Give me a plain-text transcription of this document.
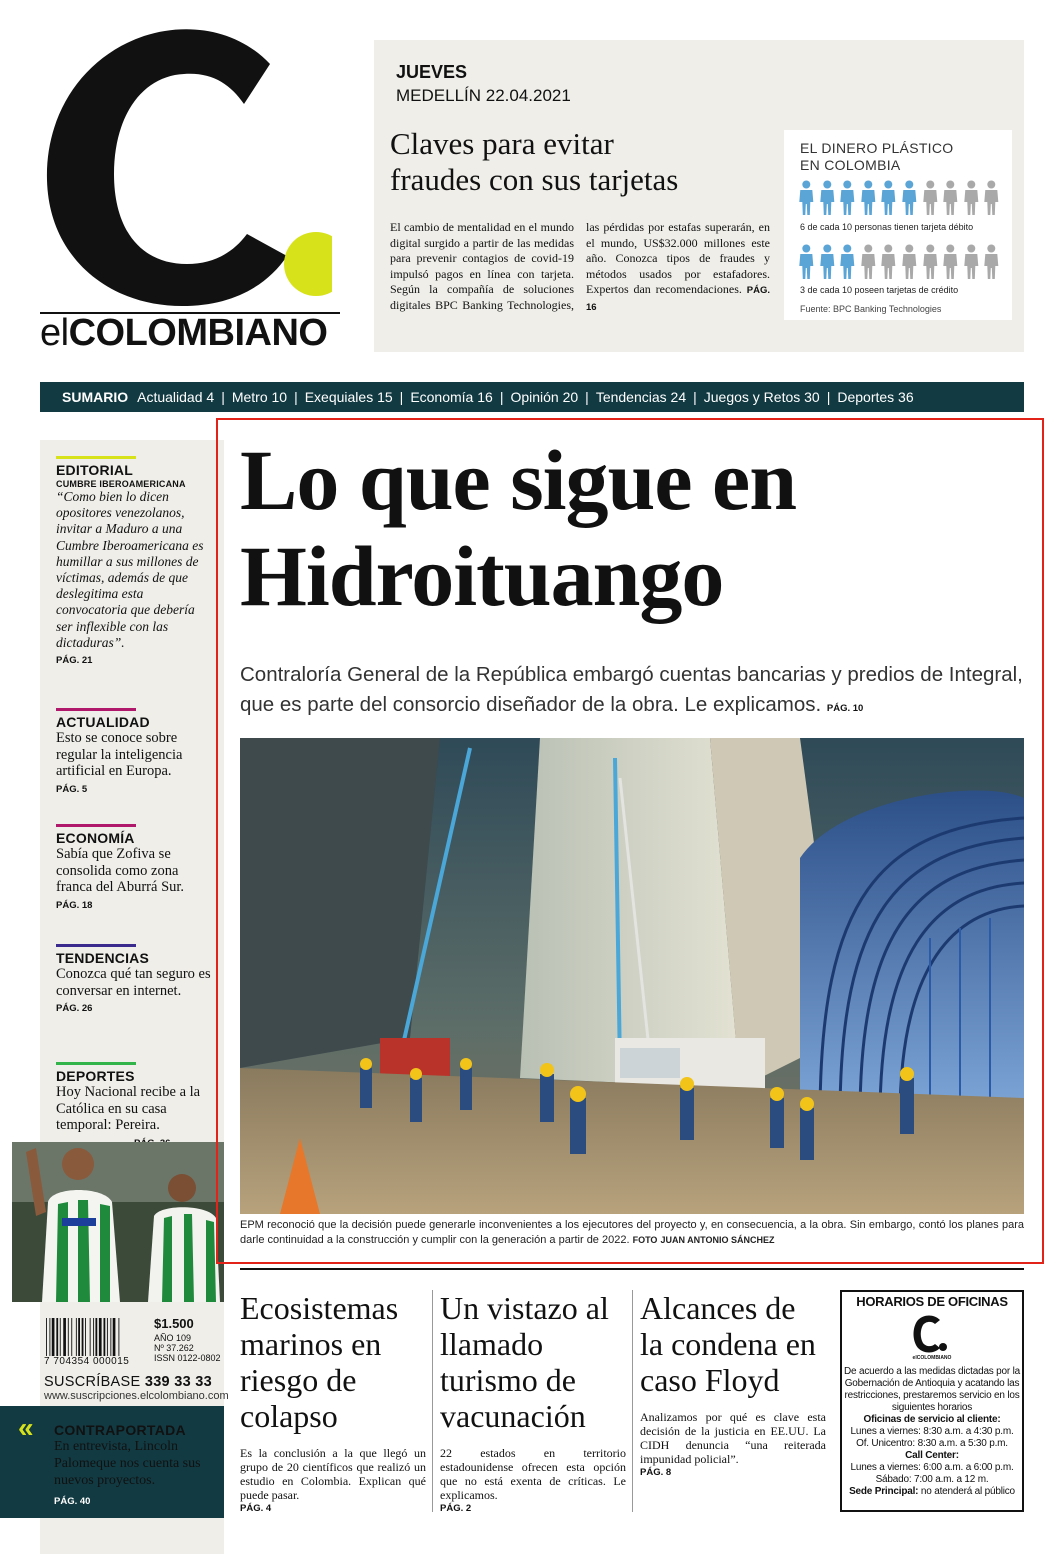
elCOLOMBIANO
JUEVES
MEDELLÍN 22.04.2021
Claves para evitar
fraudes con sus tarjetas
El cambio de mentalidad en el mundo digital surgido a partir de las medidas para prevenir contagios de covid-19 impulsó pagos en línea con tarjeta. Según la compañía de soluciones digitales BPC Banking Technologies, las pérdidas por estafas superarán, en el mundo, US$32.000 millones este año. Conozca tipos de fraudes y métodos usados por estafadores. Expertos dan recomendaciones. PÁG. 16
EL DINERO PLÁSTICO
EN COLOMBIA
6 de cada 10 personas tienen tarjeta débito
3 de cada 10 poseen tarjetas de crédito
Fuente: BPC Banking Technologies
SUMARIO Actualidad 4 | Metro 10 | Exequiales 15 | Economía 16 | Opinión 20 | Tendencias 24 | Juegos y Retos 30 | Deportes 36
EDITORIAL
CUMBRE IBEROAMERICANA

“Como bien lo dicen opositores venezolanos, invitar a Maduro a una Cumbre Iberoamericana es humillar a sus millones de víctimas, además de que deslegitima esta convocatoria que debería ser inflexible con las dictaduras”.

PÁG. 21
ACTUALIDAD

Esto se conoce sobre regular la inteligencia artificial en Europa.

PÁG. 5
ECONOMÍA

Sabía que Zofiva se consolida como zona franca del Aburrá Sur.

PÁG. 18
TENDENCIAS

Conozca qué tan seguro es conversar en internet.

PÁG. 26
DEPORTES

Hoy Nacional recibe a la Católica en su casa temporal: Pereira.

7 704354 000015
$1.500
AÑO 109
Nº 37.262
ISSN 0122-0802
SUSCRÍBASE 339 33 33
www.suscripciones.elcolombiano.com
« CONTRAPORTADA
En entrevista, Lincoln Palomeque nos cuenta sus nuevos proyectos.
PÁG. 40
Lo que sigue en
Hidroituango
Contraloría General de la República embargó cuentas bancarias y predios de Integral, que es parte del consorcio diseñador de la obra. Le explicamos. PÁG. 10
EPM reconoció que la decisión puede generarle inconvenientes a los ejecutores del proyecto y, en consecuencia, a la obra. Sin embargo, contó los planes para darle continuidad a la construcción y cumplir con la generación a partir de 2022. FOTO JUAN ANTONIO SÁNCHEZ
Ecosistemas marinos en riesgo de colapso

Es la conclusión a la que llegó un grupo de 20 científicos que realizó un estudio en Colombia. Explican qué puede pasar.

PÁG. 4
Un vistazo al llamado turismo de vacunación

22 estados en territorio estadounidense ofrecen esta opción que no está exenta de críticas. Le explicamos.

PÁG. 2
Alcances de la condena en caso Floyd

Analizamos por qué es clave esta decisión de la justicia en EE.UU. La CIDH denuncia “una reiterada impunidad policial”.

PÁG. 8
HORARIOS DE OFICINAS
elCOLOMBIANO
De acuerdo a las medidas dictadas por la Gobernación de Antioquia y acatando las restricciones, prestaremos servicio en los siguientes horarios
Oficinas de servicio al cliente:
Lunes a viernes: 8:30 a.m. a 4:30 p.m.
Of. Unicentro: 8:30 a.m. a 5:30 p.m.
Call Center:
Lunes a viernes: 6:00 a.m. a 6:00 p.m.
Sábado: 7:00 a.m. a 12 m.
Sede Principal: no atenderá al público
